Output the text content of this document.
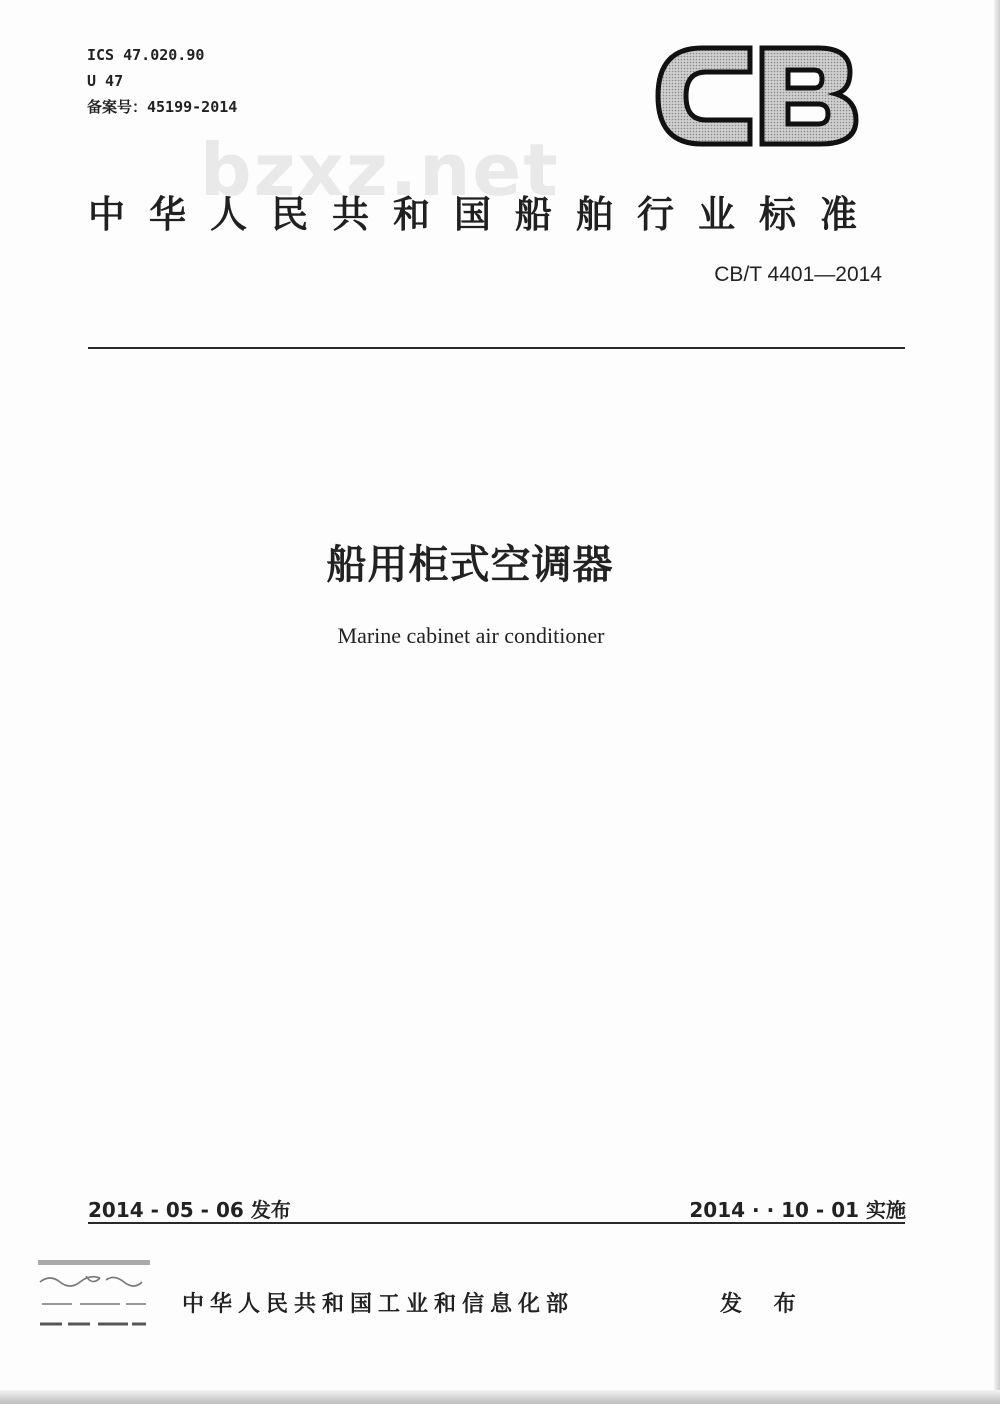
ICS 47.020.90
U 47
备案号：45199-2014
bzxz.net
中华人民共和国船舶行业标准
CB/T 4401—2014
船用柜式空调器
Marine cabinet air conditioner
2014 - 05 - 06 发布	2014 · · 10 - 01 实施
中华人民共和国工业和信息化部	发 布
